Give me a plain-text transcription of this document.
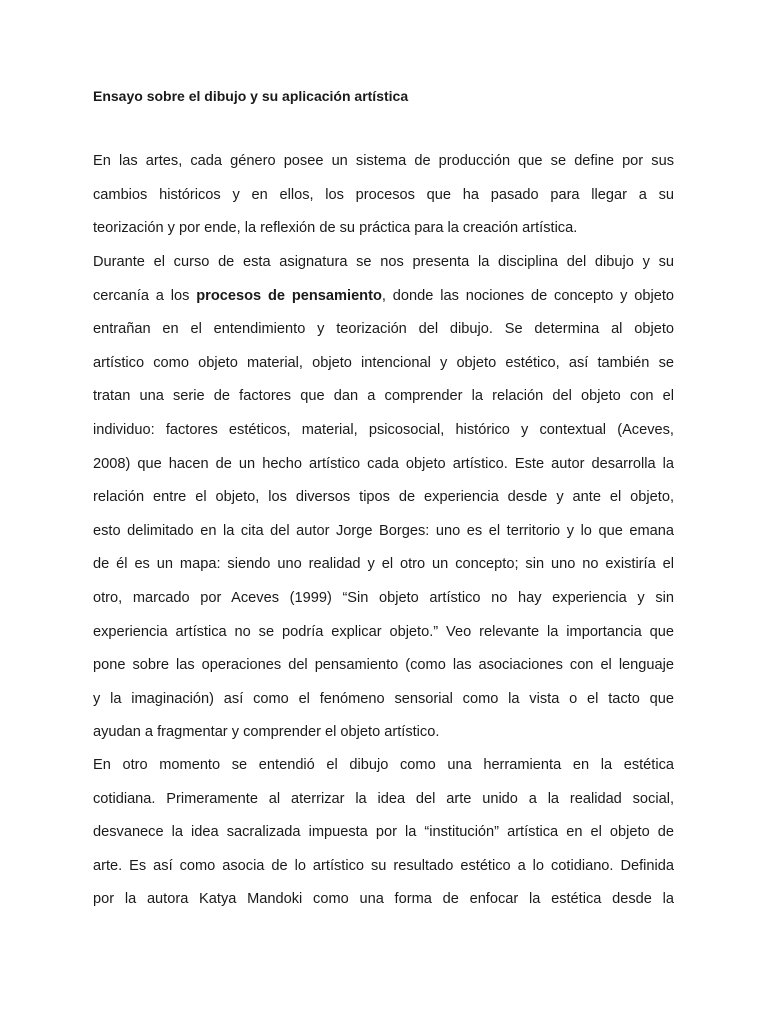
Ensayo sobre el dibujo y su aplicación artística
En las artes, cada género posee un sistema de producción que se define por sus
cambios históricos y en ellos, los procesos que ha pasado para llegar a su
teorización y por ende, la reflexión de su práctica para la creación artística.
Durante el curso de esta asignatura se nos presenta la disciplina del dibujo y su
cercanía a los procesos de pensamiento, donde las nociones de concepto y objeto
entrañan en el entendimiento y teorización del dibujo. Se determina al objeto
artístico como objeto material, objeto intencional y objeto estético, así también se
tratan una serie de factores que dan a comprender la relación del objeto con el
individuo: factores estéticos, material, psicosocial, histórico y contextual (Aceves,
2008) que hacen de un hecho artístico cada objeto artístico. Este autor desarrolla la
relación entre el objeto, los diversos tipos de experiencia desde y ante el objeto,
esto delimitado en la cita del autor Jorge Borges: uno es el territorio y lo que emana
de él es un mapa: siendo uno realidad y el otro un concepto; sin uno no existiría el
otro, marcado por Aceves (1999) “Sin objeto artístico no hay experiencia y sin
experiencia artística no se podría explicar objeto.” Veo relevante la importancia que
pone sobre las operaciones del pensamiento (como las asociaciones con el lenguaje
y la imaginación) así como el fenómeno sensorial como la vista o el tacto que
ayudan a fragmentar y comprender el objeto artístico.
En otro momento se entendió el dibujo como una herramienta en la estética
cotidiana. Primeramente al aterrizar la idea del arte unido a la realidad social,
desvanece la idea sacralizada impuesta por la “institución” artística en el objeto de
arte. Es así como asocia de lo artístico su resultado estético a lo cotidiano. Definida
por la autora Katya Mandoki como una forma de enfocar la estética desde la
